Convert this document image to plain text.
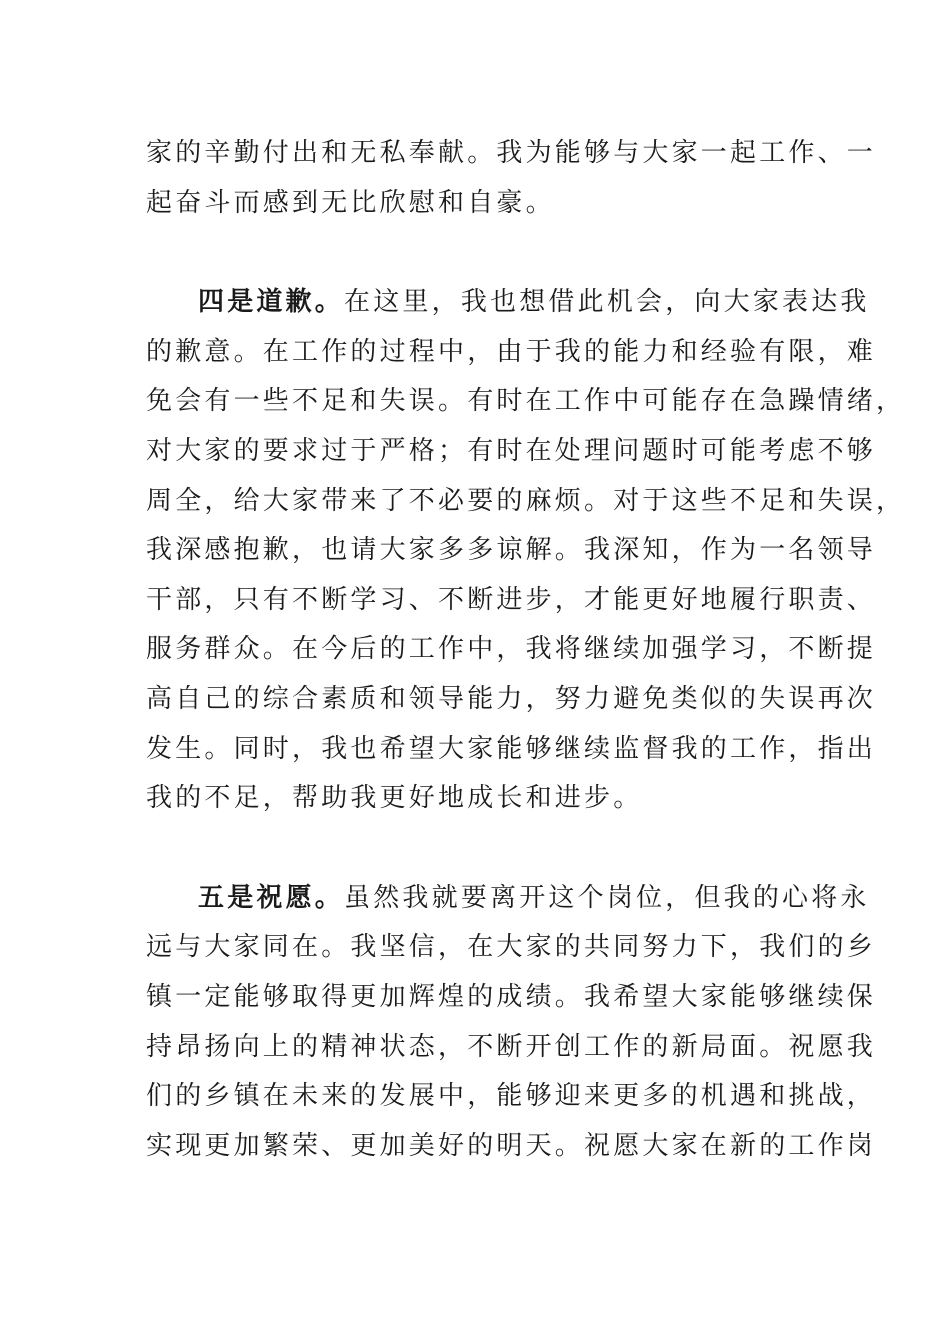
家的辛勤付出和无私奉献。我为能够与大家一起工作、一
起奋斗而感到无比欣慰和自豪。
四是道歉。在这里，我也想借此机会，向大家表达我
的歉意。在工作的过程中，由于我的能力和经验有限，难
免会有一些不足和失误。有时在工作中可能存在急躁情绪，
对大家的要求过于严格；有时在处理问题时可能考虑不够
周全，给大家带来了不必要的麻烦。对于这些不足和失误，
我深感抱歉，也请大家多多谅解。我深知，作为一名领导
干部，只有不断学习、不断进步，才能更好地履行职责、
服务群众。在今后的工作中，我将继续加强学习，不断提
高自己的综合素质和领导能力，努力避免类似的失误再次
发生。同时，我也希望大家能够继续监督我的工作，指出
我的不足，帮助我更好地成长和进步。
五是祝愿。虽然我就要离开这个岗位，但我的心将永
远与大家同在。我坚信，在大家的共同努力下，我们的乡
镇一定能够取得更加辉煌的成绩。我希望大家能够继续保
持昂扬向上的精神状态，不断开创工作的新局面。祝愿我
们的乡镇在未来的发展中，能够迎来更多的机遇和挑战，
实现更加繁荣、更加美好的明天。祝愿大家在新的工作岗
